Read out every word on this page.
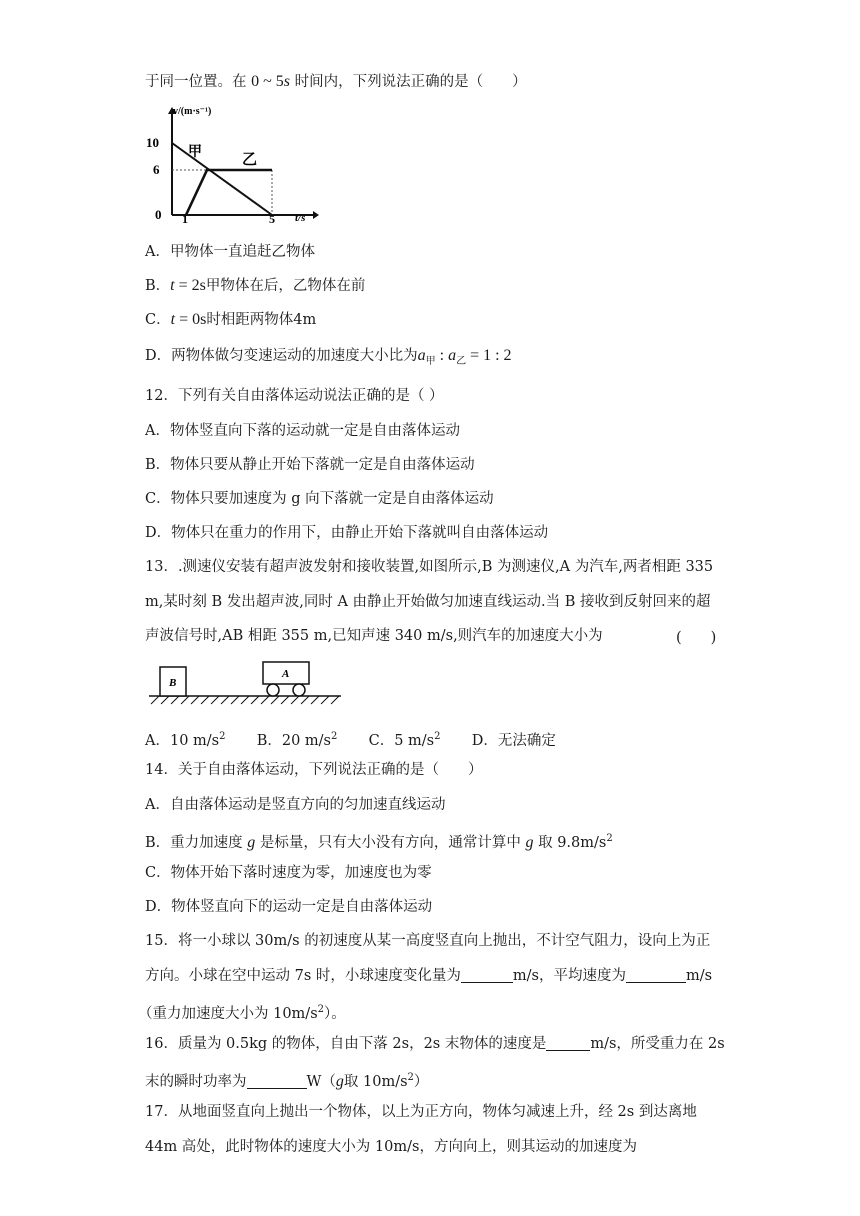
于同一位置。在 0 ~ 5s 时间内，下列说法正确的是（　　）
v/(m·s⁻¹)
10
6
0 1	5 t/s
甲	乙
A．甲物体一直追赶乙物体
B．t = 2s甲物体在后，乙物体在前
C．t = 0s时相距两物体4m
D．两物体做匀变速运动的加速度大小比为$a_甲$ : $a_乙 = 1$ : 2
12．下列有关自由落体运动说法正确的是（ ）
A．物体竖直向下落的运动就一定是自由落体运动
B．物体只要从静止开始下落就一定是自由落体运动
C．物体只要加速度为 g 向下落就一定是自由落体运动
D．物体只在重力的作用下，由静止开始下落就叫自由落体运动
13．.测速仪安装有超声波发射和接收装置,如图所示,B 为测速仪,A 为汽车,两者相距 335
m,某时刻 B 发出超声波,同时 A 由静止开始做匀加速直线运动.当 B 接收到反射回来的超
声波信号时,AB 相距 355 m,已知声速 340 m/s,则汽车的加速度大小为	(　　)
B
A
A．10 $m/s^2$ B．20 $m/s^2$ C．5 $m/s^2$ D．无法确定
14．关于自由落体运动，下列说法正确的是（　　）
A．自由落体运动是竖直方向的匀加速直线运动
B．重力加速度 g 是标量，只有大小没有方向，通常计算中 g 取 $9.8m/s^2$
C．物体开始下落时速度为零，加速度也为零
D．物体竖直向下的运动一定是自由落体运动
15．将一小球以 30m/s 的初速度从某一高度竖直向上抛出，不计空气阻力，设向上为正
方向。小球在空中运动 7s 时，小球速度变化量为	m/s，平均速度为	m/s
（重力加速度大小为 $10m/s^2$）。
16．质量为 0.5kg 的物体，自由下落 2s，2s 末物体的速度是	m/s，所受重力在 2s
末的瞬时功率为	W（g取 $10m/s^2$）
17．从地面竖直向上抛出一个物体，以上为正方向，物体匀减速上升，经 2s 到达离地
44m 高处，此时物体的速度大小为 10m/s，方向向上，则其运动的加速度为
